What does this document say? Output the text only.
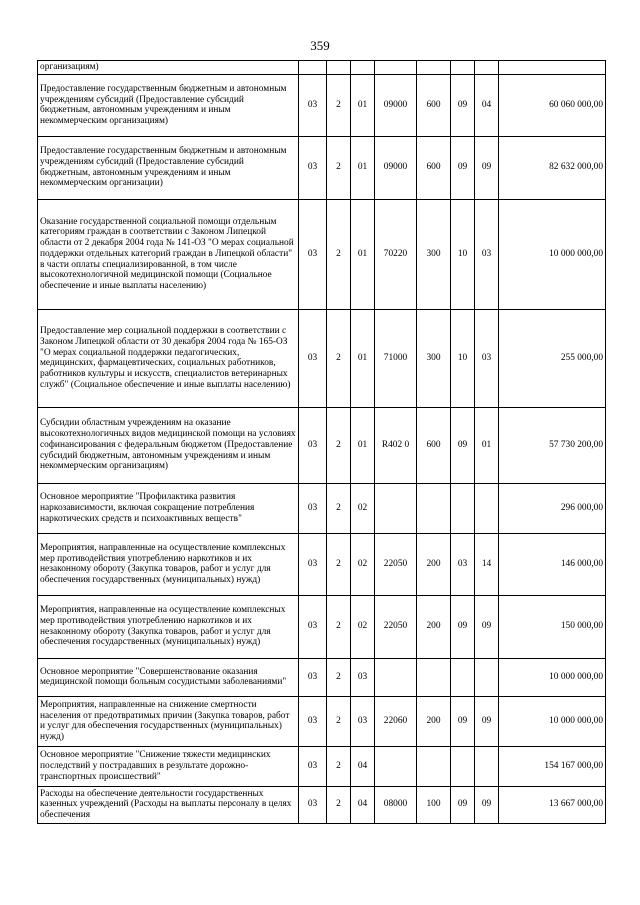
359
организациям)								
Предоставление государственным бюджетным и автономным учреждениям субсидий (Предоставление субсидий бюджетным, автономным учреждениям и иным некоммерческим организациям)	03	2	01	09000	600	09	04	60 060 000,00
Предоставление государственным бюджетным и автономным учреждениям субсидий (Предоставление субсидий бюджетным, автономным учреждениям и иным некоммерческим организации)	03	2	01	09000	600	09	09	82 632 000,00
Оказание государственной социальной помощи отдельным категориям граждан в соответствии с Законом Липецкой области от 2 декабря 2004 года № 141-ОЗ "О мерах социальной поддержки отдельных категорий граждан в Липецкой области" в части оплаты специализированной, в том числе высокотехнологичной медицинской помощи (Социальное обеспечение и иные выплаты населению)	03	2	01	70220	300	10	03	10 000 000,00
Предоставление мер социальной поддержки в соответствии с Законом Липецкой области от 30 декабря 2004 года № 165-ОЗ "О мерах социальной поддержки педагогических, медицинских, фармацевтических, социальных работников, работников культуры и искусств, специалистов ветеринарных служб" (Социальное обеспечение и иные выплаты населению)	03	2	01	71000	300	10	03	255 000,00
Субсидии областным учреждениям на оказание высокотехнологичных видов медицинской помощи на условиях софинансирования с федеральным бюджетом (Предоставление субсидий бюджетным, автономным учреждениям и иным некоммерческим организациям)	03	2	01	R402 0	600	09	01	57 730 200,00
Основное мероприятие "Профилактика развития наркозависимости, включая сокращение потребления наркотических средств и психоактивных веществ"	03	2	02					296 000,00
Мероприятия, направленные на осуществление комплексных мер противодействия употреблению наркотиков и их незаконному обороту (Закупка товаров, работ и услуг для обеспечения государственных (муниципальных) нужд)	03	2	02	22050	200	03	14	146 000,00
Мероприятия, направленные на осуществление комплексных мер противодействия употреблению наркотиков и их незаконному обороту (Закупка товаров, работ и услуг для обеспечения государственных (муниципальных) нужд)	03	2	02	22050	200	09	09	150 000,00
Основное мероприятие "Совершенствование оказания медицинской помощи больным сосудистыми заболеваниями"	03	2	03					10 000 000,00
Мероприятия, направленные на снижение смертности населения от предотвратимых причин (Закупка товаров, работ и услуг для обеспечения государственных (муниципальных) нужд)	03	2	03	22060	200	09	09	10 000 000,00
Основное мероприятие "Снижение тяжести медицинских последствий у пострадавших в результате дорожно-транспортных происшествий"	03	2	04					154 167 000,00
Расходы на обеспечение деятельности государственных казенных учреждений (Расходы на выплаты персоналу в целях обеспечения	03	2	04	08000	100	09	09	13 667 000,00
